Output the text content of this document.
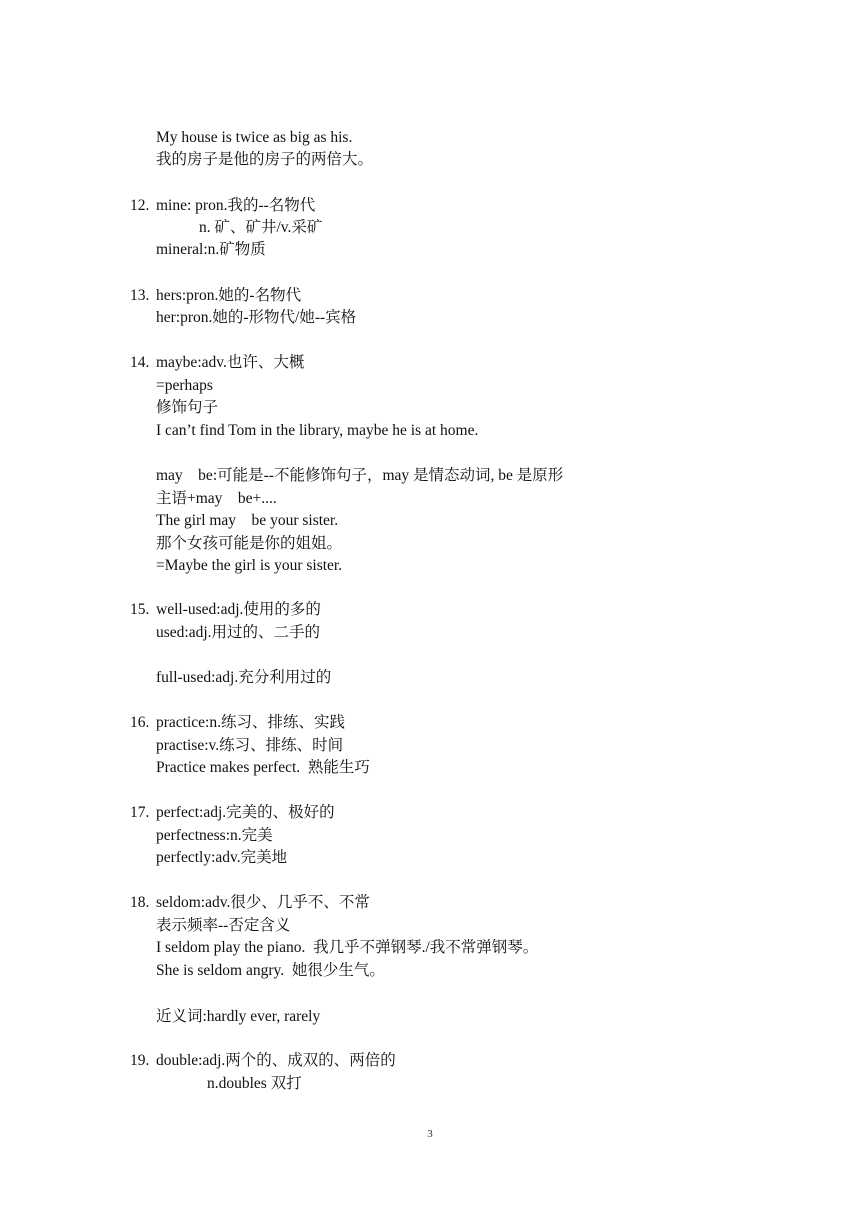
My house is twice as big as his.

我的房子是他的房子的两倍大。

12. mine: pron.我的--名物代

n. 矿、矿井/v.采矿

mineral:n.矿物质

13. hers:pron.她的-名物代

her:pron.她的-形物代/她--宾格

14. maybe:adv.也许、大概

=perhaps

修饰句子

I can’t find Tom in the library, maybe he is at home.

may    be:可能是--不能修饰句子，may 是情态动词, be 是原形

主语+may    be+....

The girl may    be your sister.

那个女孩可能是你的姐姐。

=Maybe the girl is your sister.

15. well-used:adj.使用的多的

used:adj.用过的、二手的

full-used:adj.充分利用过的

16. practice:n.练习、排练、实践

practise:v.练习、排练、时间

Practice makes perfect.  熟能生巧

17. perfect:adj.完美的、极好的

perfectness:n.完美

perfectly:adv.完美地

18. seldom:adv.很少、几乎不、不常

表示频率--否定含义

I seldom play the piano.  我几乎不弹钢琴./我不常弹钢琴。

She is seldom angry.  她很少生气。

近义词:hardly ever, rarely

19. double:adj.两个的、成双的、两倍的

n.doubles 双打

3
